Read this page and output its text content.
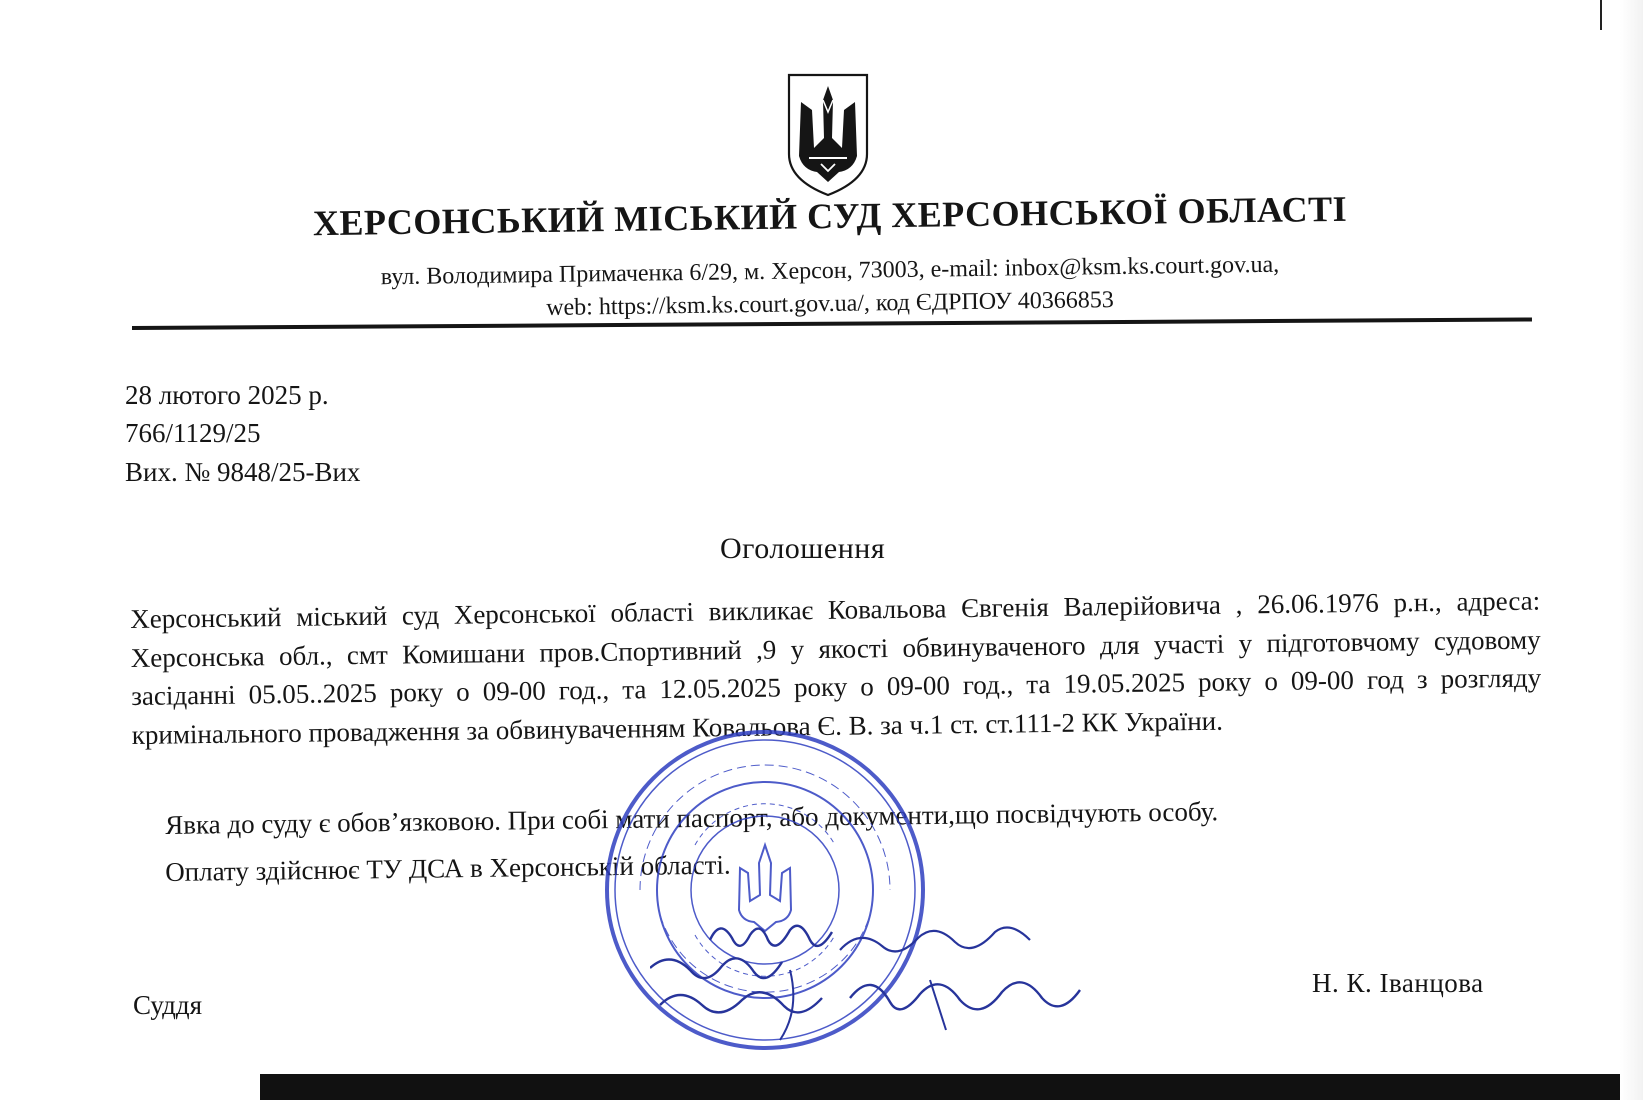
ХЕРСОНСЬКИЙ МІСЬКИЙ СУД ХЕРСОНСЬКОЇ ОБЛАСТІ
вул. Володимира Примаченка 6/29, м. Херсон, 73003, e-mail: inbox@ksm.ks.court.gov.ua,
web: https://ksm.ks.court.gov.ua/, код ЄДРПОУ 40366853
28 лютого 2025 р.
766/1129/25
Вих. № 9848/25-Вих
Оголошення
Херсонський міський суд Херсонської області викликає Ковальова Євгенія Валерійовича , 26.06.1976 р.н., адреса: Херсонська обл., смт Комишани пров.Спортивний ,9 у якості обвинуваченого для участі у підготовчому судовому засіданні 05.05..2025 року о 09-00 год., та 12.05.2025 року о 09-00 год., та 19.05.2025 року о 09-00 год з розгляду кримінального провадження за обвинуваченням Ковальова Є. В. за ч.1 ст. ст.111-2 КК України.
Явка до суду є обов’язковою. При собі мати паспорт, або документи,що посвідчують особу.
Оплату здійснює ТУ ДСА в Херсонській області.
Суддя
Н. К. Іванцова
